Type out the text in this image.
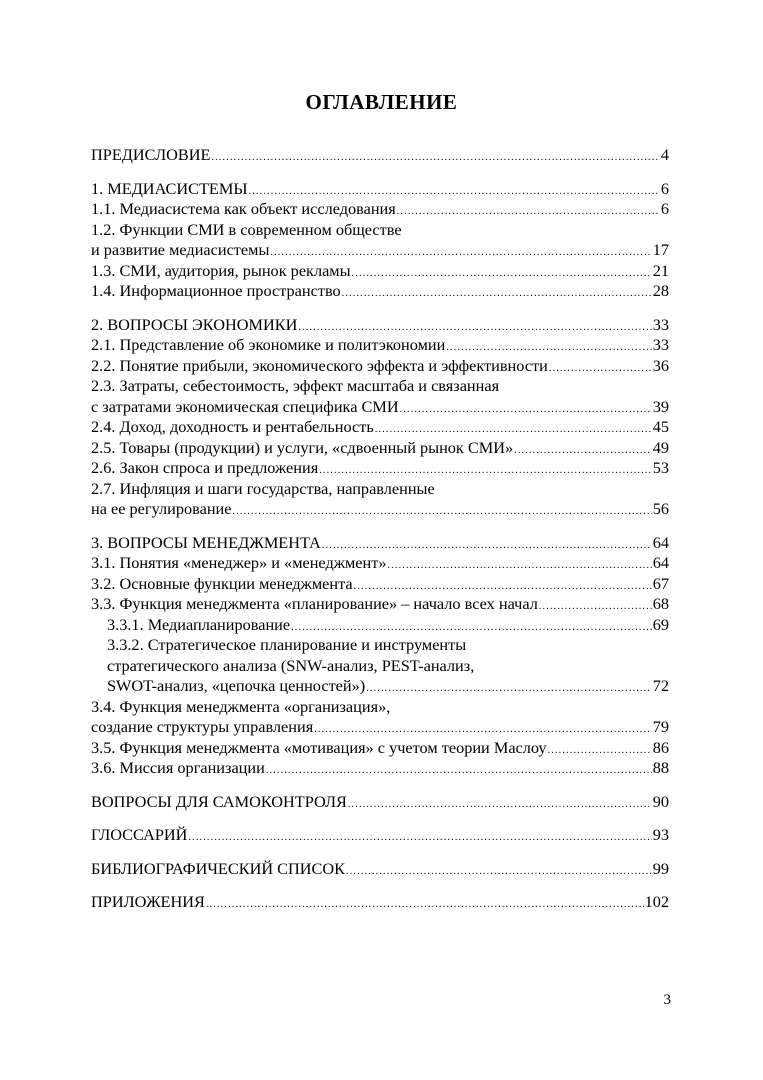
ОГЛАВЛЕНИЕ
ПРЕДИСЛОВИЕ .....	4
1. МЕДИАСИСТЕМЫ .....	6
1.1. Медиасистема как объект исследования .....	6
1.2. Функции СМИ в современном обществе
и развитие медиасистемы .....	17
1.3. СМИ, аудитория, рынок рекламы .....	21
1.4. Информационное пространство .....	28
2. ВОПРОСЫ ЭКОНОМИКИ .....	33
2.1. Представление об экономике и политэкономии .....	33
2.2. Понятие прибыли, экономического эффекта и эффективности .....	36
2.3. Затраты, себестоимость, эффект масштаба и связанная
с затратами экономическая специфика СМИ .....	39
2.4. Доход, доходность и рентабельность .....	45
2.5. Товары (продукции) и услуги, «сдвоенный рынок СМИ» .....	49
2.6. Закон спроса и предложения .....	53
2.7. Инфляция и шаги государства, направленные
на ее регулирование .....	56
3. ВОПРОСЫ МЕНЕДЖМЕНТА .....	64
3.1. Понятия «менеджер» и «менеджмент» .....	64
3.2. Основные функции менеджмента .....	67
3.3. Функция менеджмента «планирование» – начало всех начал .....	68
3.3.1. Медиапланирование .....	69
3.3.2. Стратегическое планирование и инструменты
стратегического анализа (SNW-анализ, PEST-анализ,
SWOT-анализ, «цепочка ценностей») .....	72
3.4. Функция менеджмента «организация»,
создание структуры управления .....	79
3.5. Функция менеджмента «мотивация» с учетом теории Маслоу .....	86
3.6. Миссия организации .....	88
ВОПРОСЫ ДЛЯ САМОКОНТРОЛЯ .....	90
ГЛОССАРИЙ .....	93
БИБЛИОГРАФИЧЕСКИЙ СПИСОК .....	99
ПРИЛОЖЕНИЯ .....	102
3
